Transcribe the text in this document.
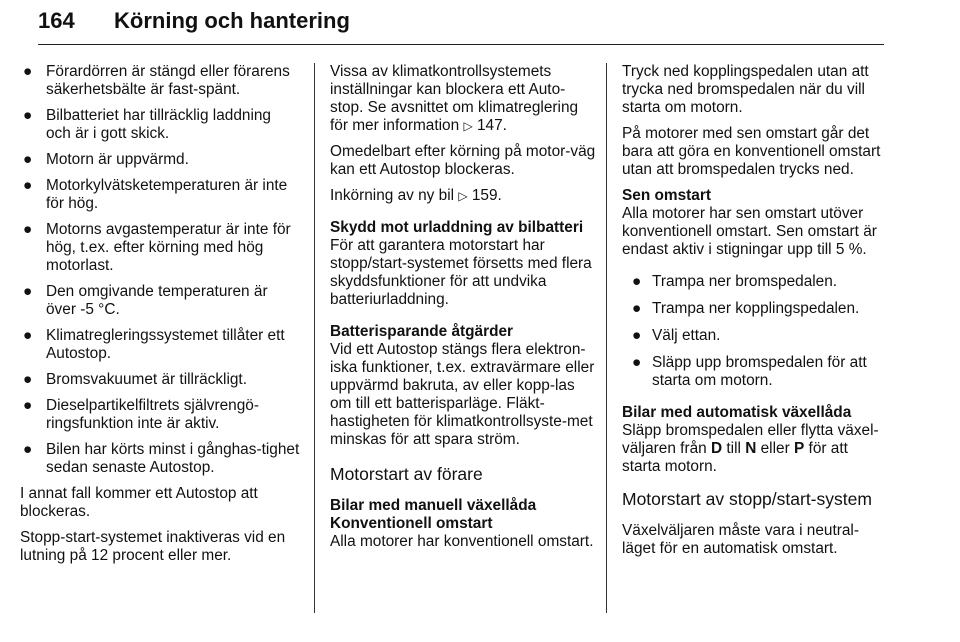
164 Körning och hantering
● Förardörren är stängd eller förarens säkerhetsbälte är fast-spänt.
● Bilbatteriet har tillräcklig laddning och är i gott skick.
● Motorn är uppvärmd.
● Motorkylvätsketemperaturen är inte för hög.
● Motorns avgastemperatur är inte för hög, t.ex. efter körning med hög motorlast.
● Den omgivande temperaturen är över -5 °C.
● Klimatregleringssystemet tillåter ett Autostop.
● Bromsvakuumet är tillräckligt.
● Dieselpartikelfiltrets självrengö-ringsfunktion inte är aktiv.
● Bilen har körts minst i gånghas-tighet sedan senaste Autostop.

I annat fall kommer ett Autostop att blockeras.

Stopp-start-systemet inaktiveras vid en lutning på 12 procent eller mer.

Vissa av klimatkontrollsystemets inställningar kan blockera ett Auto-stop. Se avsnittet om klimatreglering för mer information ▷ 147.

Omedelbart efter körning på motor-väg kan ett Autostop blockeras.

Inkörning av ny bil ▷ 159.

Skydd mot urladdning av bilbatteri
För att garantera motorstart har stopp/start-systemet försetts med flera skyddsfunktioner för att undvika batteriurladdning.

Batterisparande åtgärder
Vid ett Autostop stängs flera elektron-iska funktioner, t.ex. extravärmare eller uppvärmd bakruta, av eller kopp-las om till ett batterisparläge. Fläkt-hastigheten för klimatkontrollsyste-met minskas för att spara ström.

Motorstart av förare
Bilar med manuell växellåda

Konventionell omstart
Alla motorer har konventionell omstart.

Tryck ned kopplingspedalen utan att trycka ned bromspedalen när du vill starta om motorn.

På motorer med sen omstart går det bara att göra en konventionell omstart utan att bromspedalen trycks ned.

Sen omstart
Alla motorer har sen omstart utöver konventionell omstart. Sen omstart är endast aktiv i stigningar upp till 5 %.

● Trampa ner bromspedalen.
● Trampa ner kopplingspedalen.
● Välj ettan.
● Släpp upp bromspedalen för att starta om motorn.

Bilar med automatisk växellåda
Släpp bromspedalen eller flytta växel-väljaren från D till N eller P för att starta motorn.

Motorstart av stopp/start-system

Växelväljaren måste vara i neutral-läget för en automatisk omstart.
